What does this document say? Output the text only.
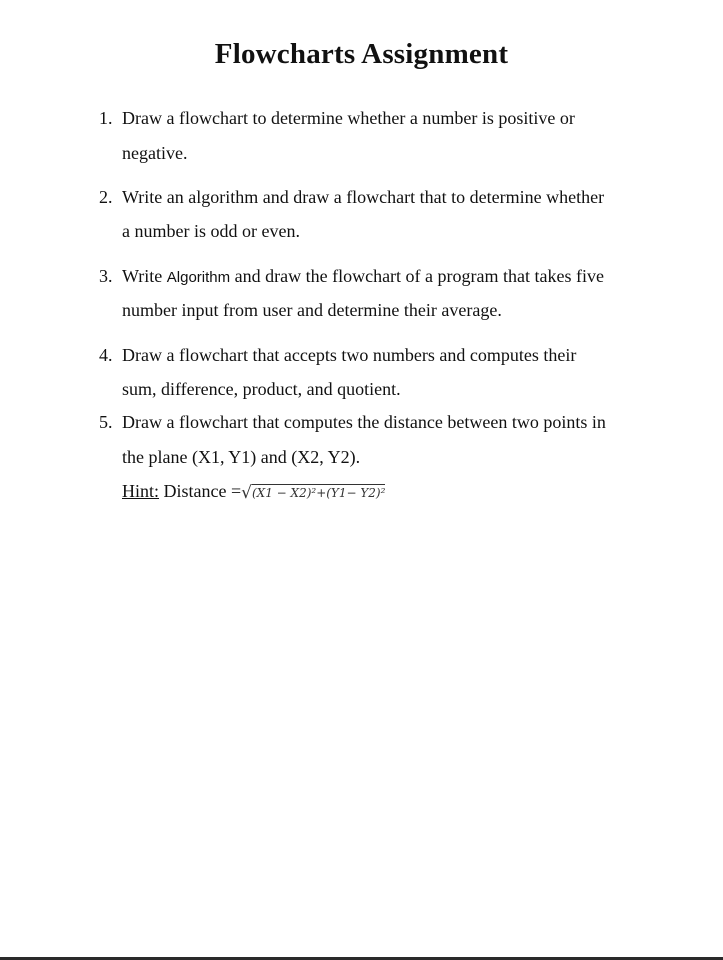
Flowcharts Assignment
1. Draw a flowchart to determine whether a number is positive or
negative.
2. Write an algorithm and draw a flowchart that to determine whether
a number is odd or even.
3. Write Algorithm and draw the flowchart of a program that takes five
number input from user and determine their average.
4. Draw a flowchart that accepts two numbers and computes their
sum, difference, product, and quotient.
5. Draw a flowchart that computes the distance between two points in
the plane (X1, Y1) and (X2, Y2).
Hint: Distance =√(X1 − X2)²+(Y1− Y2)²
